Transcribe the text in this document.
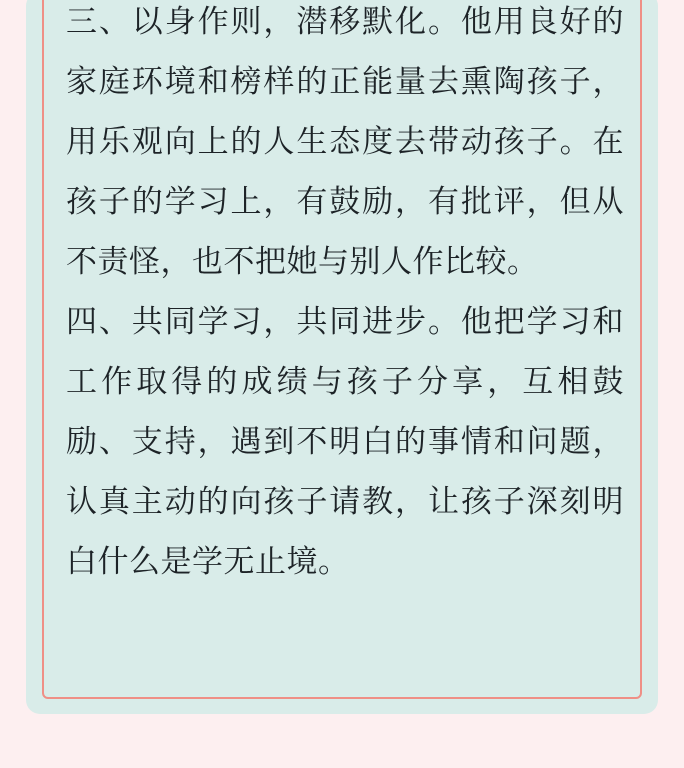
三、以身作则，潜移默化。他用良好的家庭环境和榜样的正能量去熏陶孩子，用乐观向上的人生态度去带动孩子。在孩子的学习上，有鼓励，有批评，但从不责怪，也不把她与别人作比较。

四、共同学习，共同进步。他把学习和工作取得的成绩与孩子分享，互相鼓励、支持，遇到不明白的事情和问题，认真主动的向孩子请教，让孩子深刻明白什么是学无止境。
